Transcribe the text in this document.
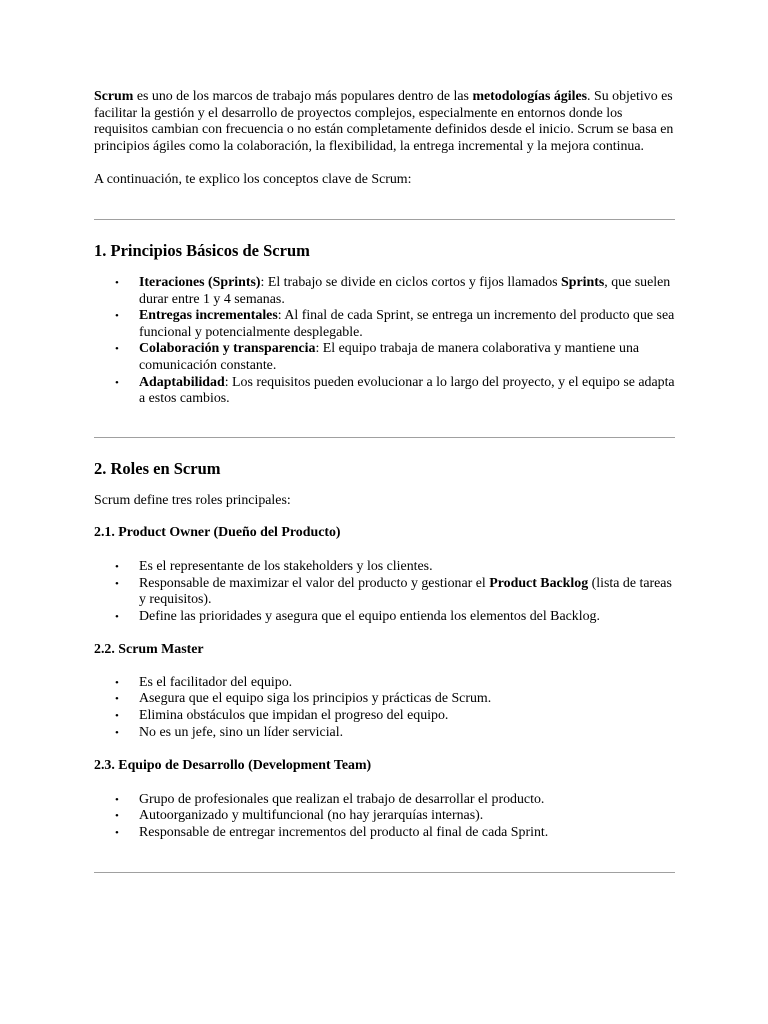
Scrum es uno de los marcos de trabajo más populares dentro de las metodologías ágiles. Su objetivo es facilitar la gestión y el desarrollo de proyectos complejos, especialmente en entornos donde los requisitos cambian con frecuencia o no están completamente definidos desde el inicio. Scrum se basa en principios ágiles como la colaboración, la flexibilidad, la entrega incremental y la mejora continua.

A continuación, te explico los conceptos clave de Scrum:

1. Principios Básicos de Scrum
• Iteraciones (Sprints): El trabajo se divide en ciclos cortos y fijos llamados Sprints, que suelen durar entre 1 y 4 semanas.
• Entregas incrementales: Al final de cada Sprint, se entrega un incremento del producto que sea funcional y potencialmente desplegable.
• Colaboración y transparencia: El equipo trabaja de manera colaborativa y mantiene una comunicación constante.
• Adaptabilidad: Los requisitos pueden evolucionar a lo largo del proyecto, y el equipo se adapta a estos cambios.
2. Roles en Scrum

Scrum define tres roles principales:

2.1. Product Owner (Dueño del Producto)
• Es el representante de los stakeholders y los clientes.
• Responsable de maximizar el valor del producto y gestionar el Product Backlog (lista de tareas y requisitos).
• Define las prioridades y asegura que el equipo entienda los elementos del Backlog.
2.2. Scrum Master
• Es el facilitador del equipo.
• Asegura que el equipo siga los principios y prácticas de Scrum.
• Elimina obstáculos que impidan el progreso del equipo.
• No es un jefe, sino un líder servicial.
2.3. Equipo de Desarrollo (Development Team)
• Grupo de profesionales que realizan el trabajo de desarrollar el producto.
• Autoorganizado y multifuncional (no hay jerarquías internas).
• Responsable de entregar incrementos del producto al final de cada Sprint.
